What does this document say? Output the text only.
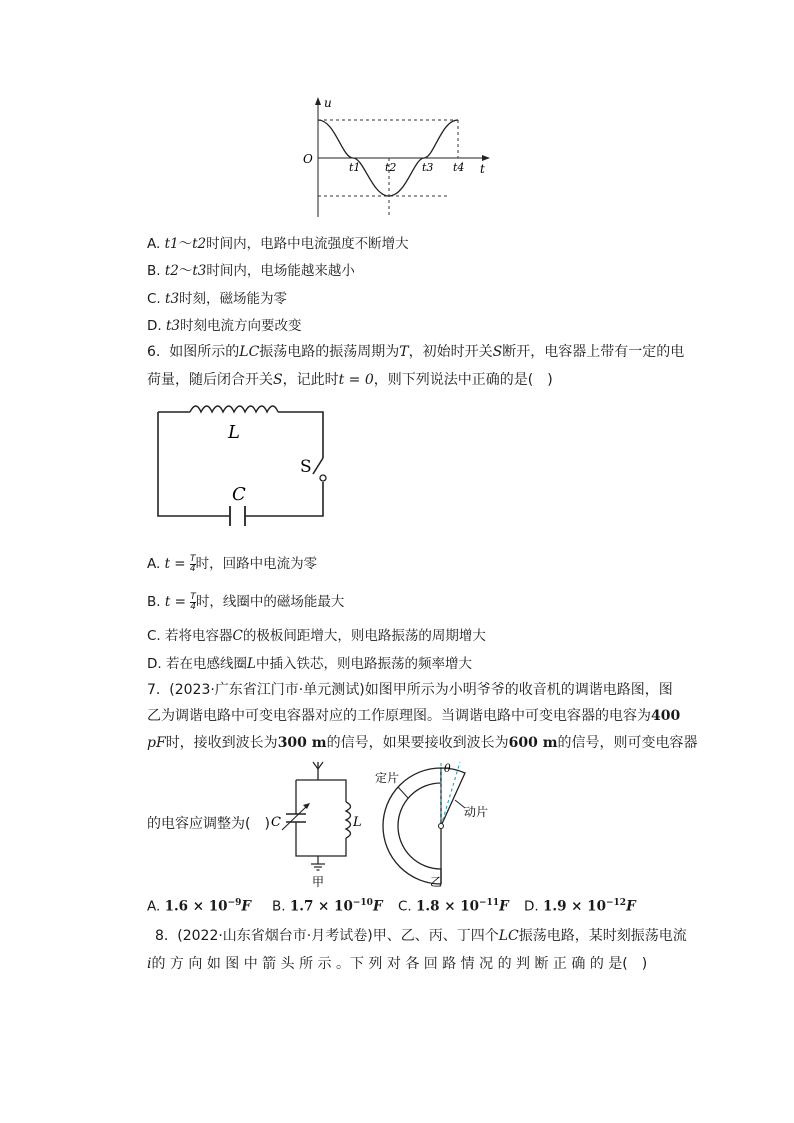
u
t
O
t1 t2 t3 t4
A. t1～t2时间内，电路中电流强度不断增大
B. t2～t3时间内，电场能越来越小
C. t3时刻，磁场能为零
D. t3时刻电流方向要改变
6. 如图所示的LC振荡电路的振荡周期为T，初始时开关S断开，电容器上带有一定的电
荷量，随后闭合开关S，记此时t = 0，则下列说法中正确的是(　)
L
C
S
A. $t = \frac{T}{4}$ 时，回路中电流为零
B. $t = \frac{T}{4}$ 时，线圈中的磁场能最大
C. 若将电容器C的极板间距增大，则电路振荡的周期增大
D. 若在电感线圈L中插入铁芯，则电路振荡的频率增大
7. (2023·广东省江门市·单元测试)如图甲所示为小明爷爷的收音机的调谐电路图，图
乙为调谐电路中可变电容器对应的工作原理图。当调谐电路中可变电容器的电容为400
pF时，接收到波长为300 m的信号，如果要接收到波长为600 m的信号，则可变电容器
的电容应调整为(　) C	L
甲
定片
动片
θ
乙
A. $1.6 \times 10^{-9}F$ B. $1.7 \times 10^{-10}F$ C. $1.8 \times 10^{-11}F$ D. $1.9 \times 10^{-12}F$
8. (2022·山东省烟台市·月考试卷)甲、乙、丙、丁四个LC振荡电路，某时刻振荡电流
i的 方 向 如 图 中 箭 头 所 示 。下 列 对 各 回 路 情 况 的 判 断 正 确 的 是(　)
